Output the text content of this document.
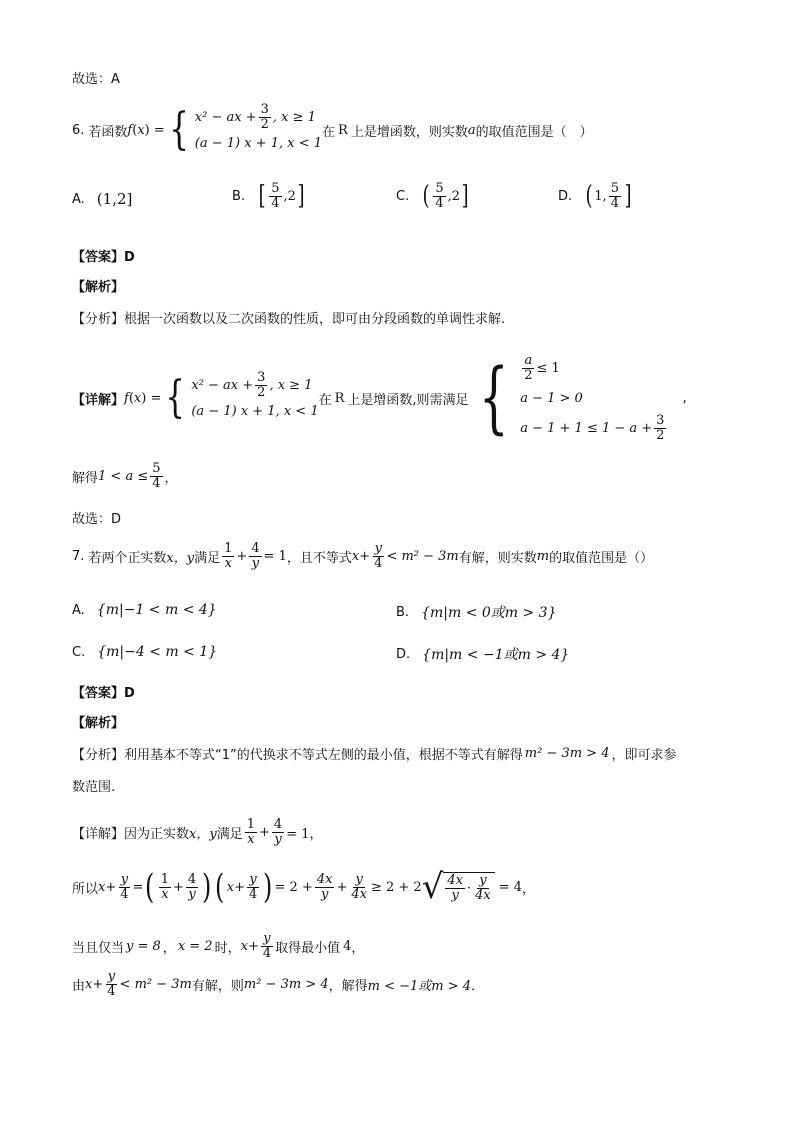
故选：A
6. 若函数 f (x) = { x² − ax + $\frac{3}{2}$ , x ≥ 1
(a − 1) x + 1, x < 1
在 R 上是增函数，则实数 a 的取值范围是（　）
A. (1,2]	B. [ $\frac{5}{4} ,2$ ]	C. ( $\frac{5}{4} ,2$ ]	D. ( 1, $\frac{5}{4}$ ]
【答案】D
【解析】
【分析】根据一次函数以及二次函数的性质，即可由分段函数的单调性求解.
【详解】 f (x) = { x² − ax + $\frac{3}{2}$ , x ≥ 1
(a − 1) x + 1, x < 1
在 R 上是增函数,则需满足 { $\frac{a}{2} \le 1$
a − 1 > 0
$a - 1 + 1 \le 1 - a + \frac{3}{2}$
,
解得 $1 < a \le \frac{5}{4}$ ，
故选：D
7. 若两个正实数 x，y 满足 $\frac{1}{x} + \frac{4}{y} = 1$ ，且不等式 $x + \frac{y}{4} < m^2 - 3m$ 有解，则实数 m 的取值范围是（）
A. {m|−1 < m < 4}	B. {m|m < 0或m > 3}
C. {m|−4 < m < 1}	D. {m|m < −1或m > 4}
【答案】D
【解析】
【分析】利用基本不等式“1”的代换求不等式左侧的最小值，根据不等式有解得 m² − 3m > 4 ，即可求参
数范围.
【详解】因为正实数 x，y 满足 $\frac{1}{x} + \frac{4}{y} = 1$，
所以 $x + \frac{y}{4}$ = ( $\frac{1}{x} + \frac{4}{y}$ ) ( $x + \frac{y}{4}$ ) = $2 + \frac{4x}{y} + \frac{y}{4x} \ge 2 + 2$ √ $\frac{4x}{y} \cdot \frac{y}{4x} = 4$ ，
当且仅当 y = 8 ， x = 2 时， $x + \frac{y}{4}$ 取得最小值 4 ，
由 $x + \frac{y}{4} < m^2 - 3m$ 有解，则 m² − 3m > 4 ，解得 m < −1或m > 4 ．
